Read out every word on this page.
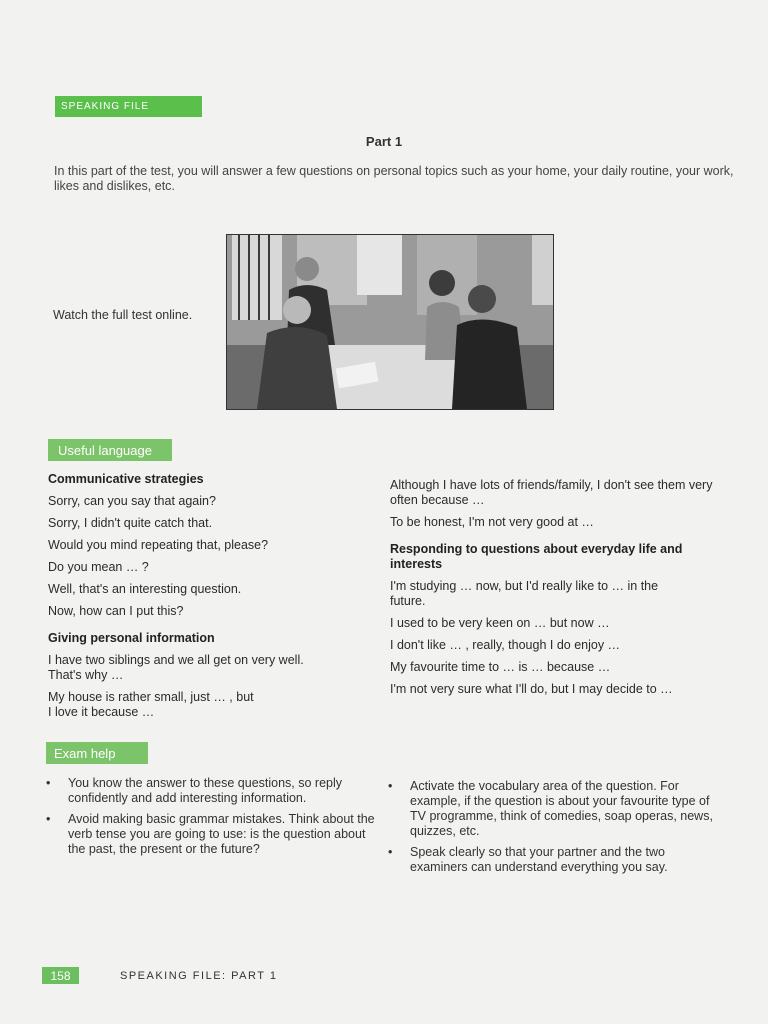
SPEAKING FILE
Part 1
In this part of the test, you will answer a few questions on personal topics such as your home, your daily routine, your work, likes and dislikes, etc.
Watch the full test online.
Useful language
Communicative strategies

Sorry, can you say that again?

Sorry, I didn't quite catch that.

Would you mind repeating that, please?

Do you mean … ?

Well, that's an interesting question.

Now, how can I put this?

Giving personal information

I have two siblings and we all get on very well. That's why …

My house is rather small, just … , but I love it because …

Although I have lots of friends/family, I don't see them very often because …

To be honest, I'm not very good at …

Responding to questions about everyday life and interests

I'm studying … now, but I'd really like to … in the future.

I used to be very keen on … but now …

I don't like … , really, though I do enjoy …

My favourite time to … is … because …

I'm not very sure what I'll do, but I may decide to …

Exam help
• You know the answer to these questions, so reply confidently and add interesting information.
• Avoid making basic grammar mistakes. Think about the verb tense you are going to use: is the question about the past, the present or the future?
• Activate the vocabulary area of the question. For example, if the question is about your favourite type of TV programme, think of comedies, soap operas, news, quizzes, etc.
• Speak clearly so that your partner and the two examiners can understand everything you say.
158	SPEAKING FILE: PART 1
